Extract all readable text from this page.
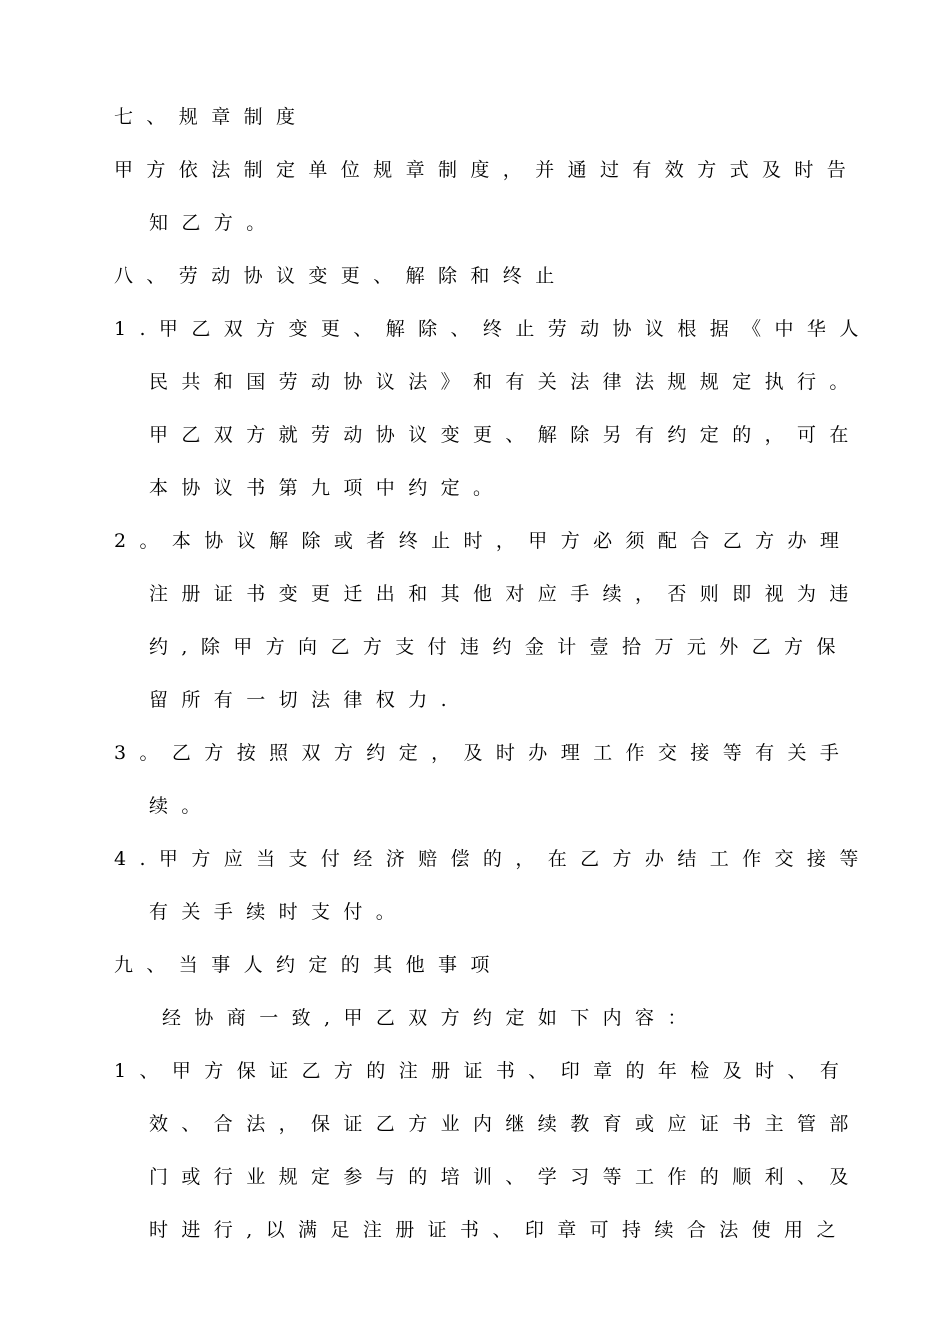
七、规章制度
甲方依法制定单位规章制度，并通过有效方式及时告
知乙方。
八、劳动协议变更、解除和终止
1.甲乙双方变更、解除、终止劳动协议根据《中华人
民共和国劳动协议法》和有关法律法规规定执行。
甲乙双方就劳动协议变更、解除另有约定的，可在
本协议书第九项中约定。
2。本协议解除或者终止时，甲方必须配合乙方办理
注册证书变更迁出和其他对应手续，否则即视为违
约,除甲方向乙方支付违约金计壹拾万元外乙方保
留所有一切法律权力.
3。乙方按照双方约定，及时办理工作交接等有关手
续。
4.甲方应当支付经济赔偿的，在乙方办结工作交接等
有关手续时支付。
九、当事人约定的其他事项
经协商一致,甲乙双方约定如下内容：
1、甲方保证乙方的注册证书、印章的年检及时、有
效、合法，保证乙方业内继续教育或应证书主管部
门或行业规定参与的培训、学习等工作的顺利、及
时进行,以满足注册证书、印章可持续合法使用之
